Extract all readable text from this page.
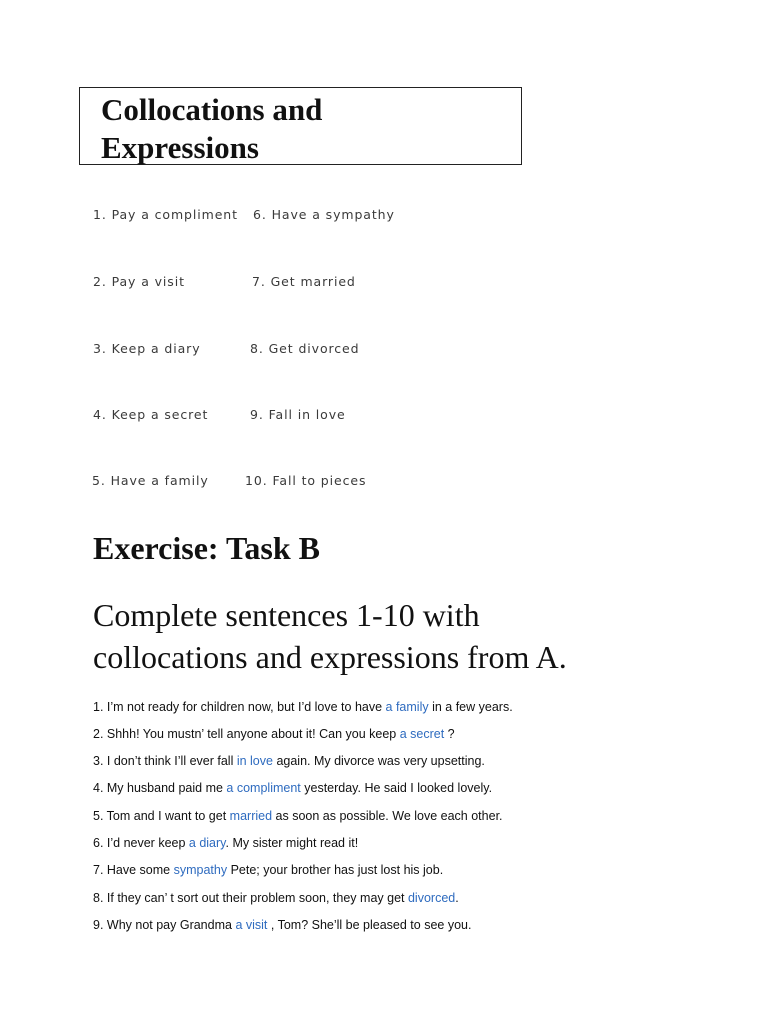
Collocations and
Expressions
1. Pay a compliment
2. Pay a visit
3. Keep a diary
4. Keep a secret
5. Have a family
6. Have a sympathy
7. Get married
8. Get divorced
9. Fall in love
10. Fall to pieces
Exercise: Task B
Complete sentences 1-10 with
collocations and expressions from A.
1. I’m not ready for children now, but I’d love to have a family in a few years.
2. Shhh! You mustn’ tell anyone about it! Can you keep a secret ?
3. I don’t think I’ll ever fall in love again. My divorce was very upsetting.
4. My husband paid me a compliment yesterday. He said I looked lovely.
5. Tom and I want to get married as soon as possible. We love each other.
6. I’d never keep a diary. My sister might read it!
7. Have some sympathy Pete; your brother has just lost his job.
8. If they can’ t sort out their problem soon, they may get divorced.
9. Why not pay Grandma a visit , Tom? She’ll be pleased to see you.
